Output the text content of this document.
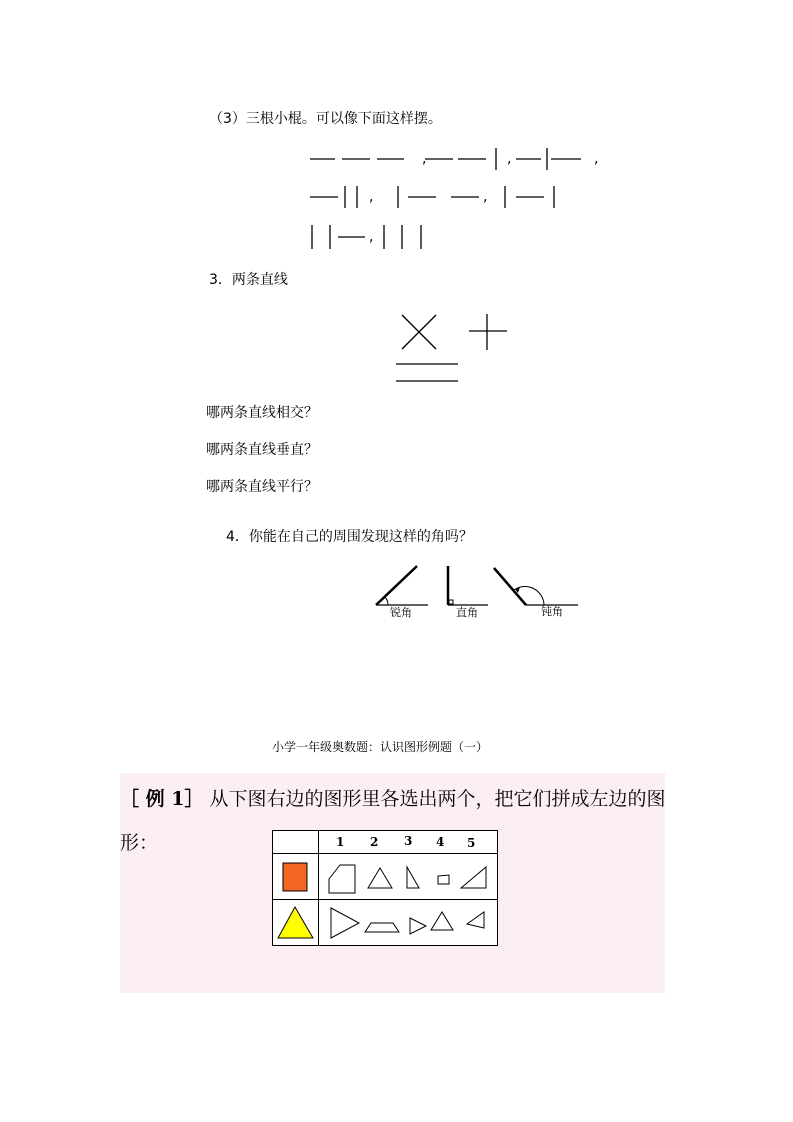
（3）三根小棍。可以像下面这样摆。
,	,	,
,	,
,
3．两条直线
哪两条直线相交？
哪两条直线垂直？
哪两条直线平行？
4．你能在自己的周围发现这样的角吗？
锐角	直角	钝角
小学一年级奥数题：认识图形例题（一）
［ 例 1］ 从下图右边的图形里各选出两个，把它们拼成左边的图
形：	1 2 3 4 5
